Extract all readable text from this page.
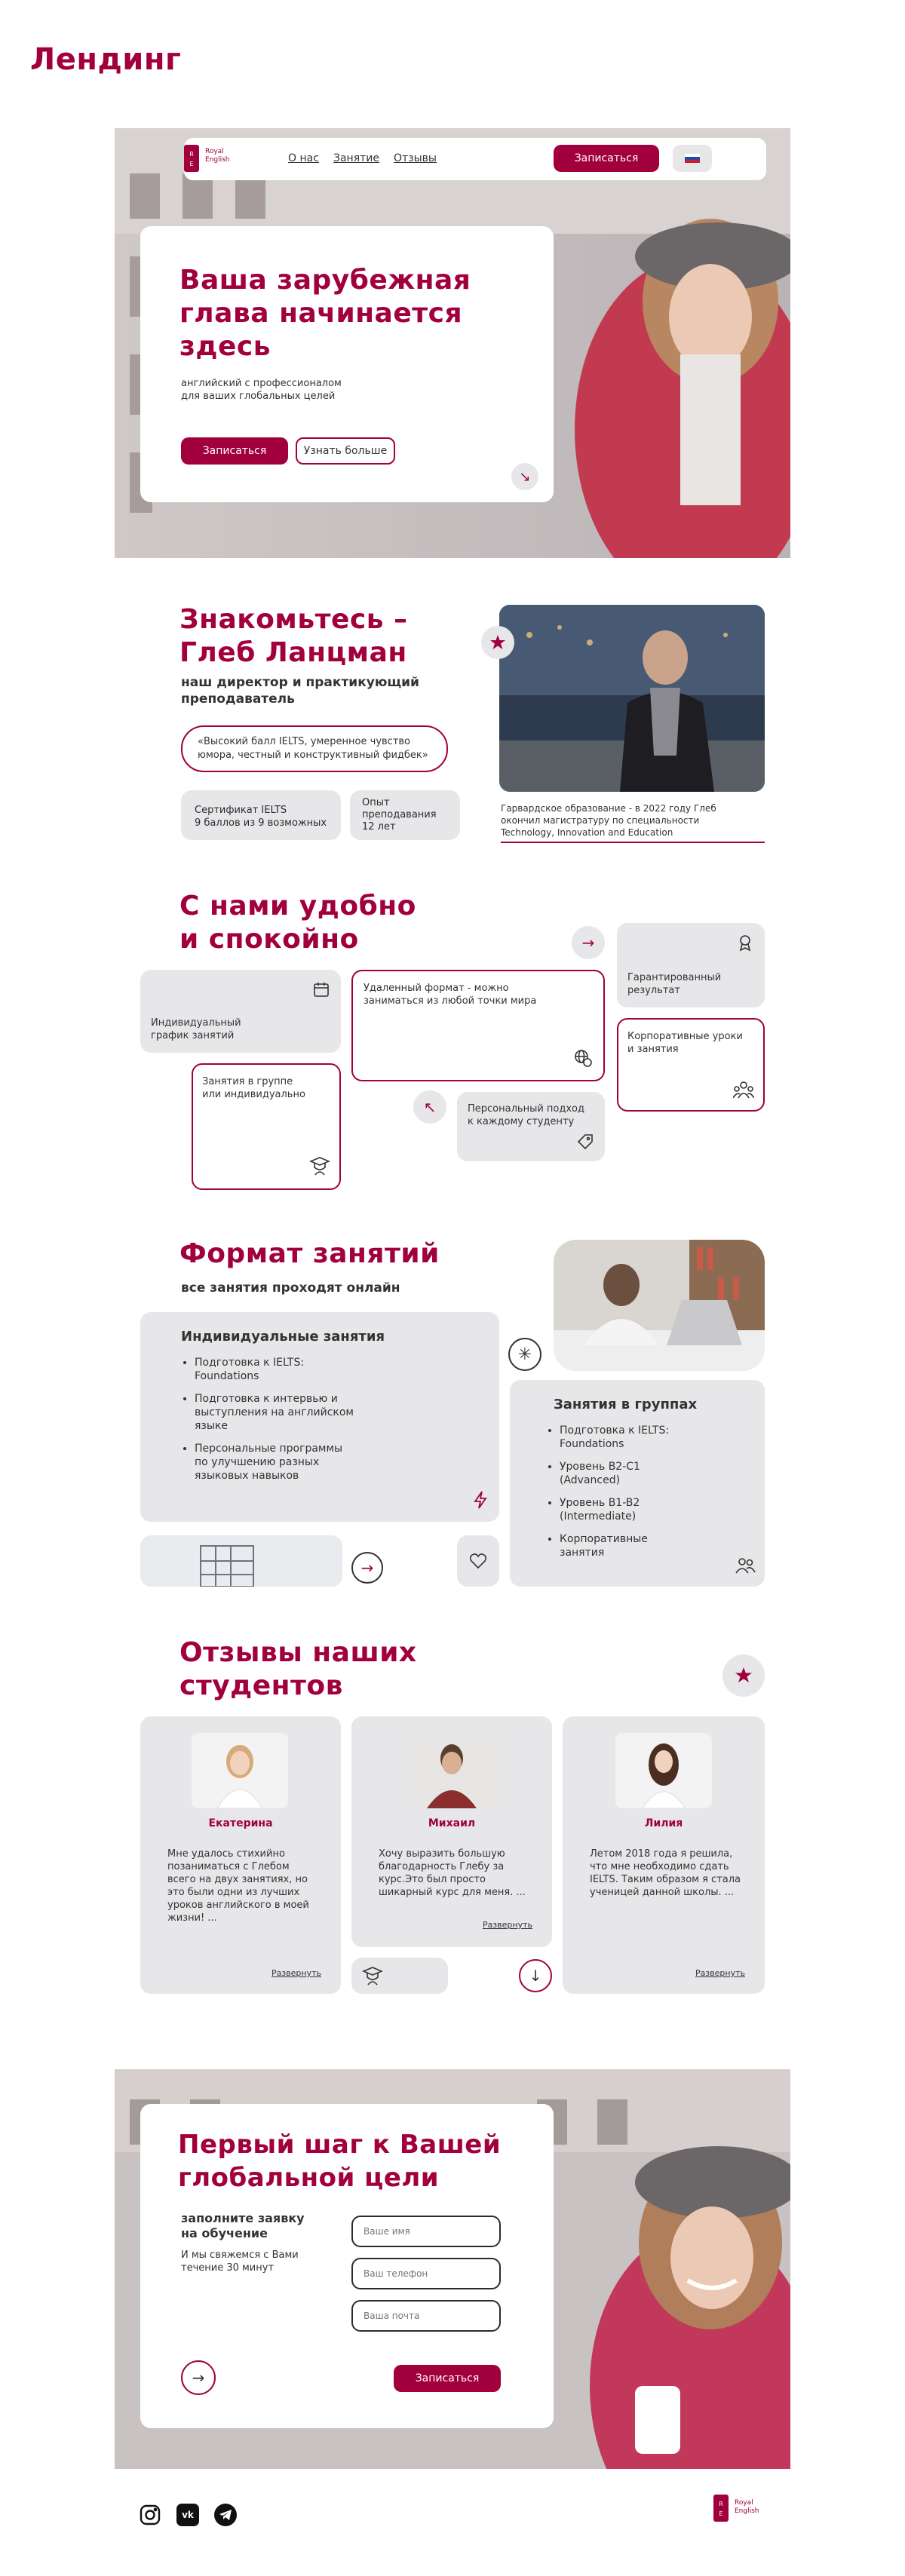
Лендинг
R
E
Royal
English	О нас Занятие Отзывы	Записаться
Ваша зарубежная
глава начинается
здесь
английский с профессионалом
для ваших глобальных целей
Записаться	Узнать больше
↘
Знакомьтесь –
Глеб Ланцман
наш директор и практикующий
преподаватель
«Высокий балл IELTS, умеренное чувство
юмора, честный и конструктивный фидбек»
Сертификат IELTS
9 баллов из 9 возможных
Опыт
преподавания
12 лет
Гарвардское образование - в 2022 году Глеб
окончил магистратуру по специальности
Technology, Innovation and Education
С нами удобно
и спокойно	→
Индивидуальный
график занятий
Удаленный формат - можно
заниматься из любой точки мира
Гарантированный
результат
Корпоративные уроки
и занятия
Занятия в группе
или индивидуально
↖	Персональный подход
к каждому студенту
Формат занятий
все занятия проходят онлайн
Индивидуальные занятия
• Подготовка к IELTS: Foundations
• Подготовка к интервью и выступления на английском языке
• Персональные программы по улучшению разных языковых навыков
✳
Занятия в группах
• Подготовка к IELTS: Foundations
• Уровень B2-C1 (Advanced)
• Уровень B1-B2 (Intermediate)
• Корпоративные занятия
→
Отзывы наших
студентов
Екатерина
Мне удалось стихийно позаниматься с Глебом всего на двух занятиях, но это были одни из лучших уроков английского в моей жизни! ...
Развернуть
Михаил
Хочу выразить большую благодарность Глебу за курс.Это был просто шикарный курс для меня. ...
Развернуть
↓
Лилия
Летом 2018 года я решила, что мне необходимо сдать IELTS. Таким образом я стала ученицей данной школы. ...
Развернуть
Первый шаг к Вашей
глобальной цели
заполните заявку
на обучение
И мы свяжемся с Вами
течение 30 минут
Ваше имя
Ваш телефон
Ваша почта
→	Записаться
vk
R
E
Royal
English
